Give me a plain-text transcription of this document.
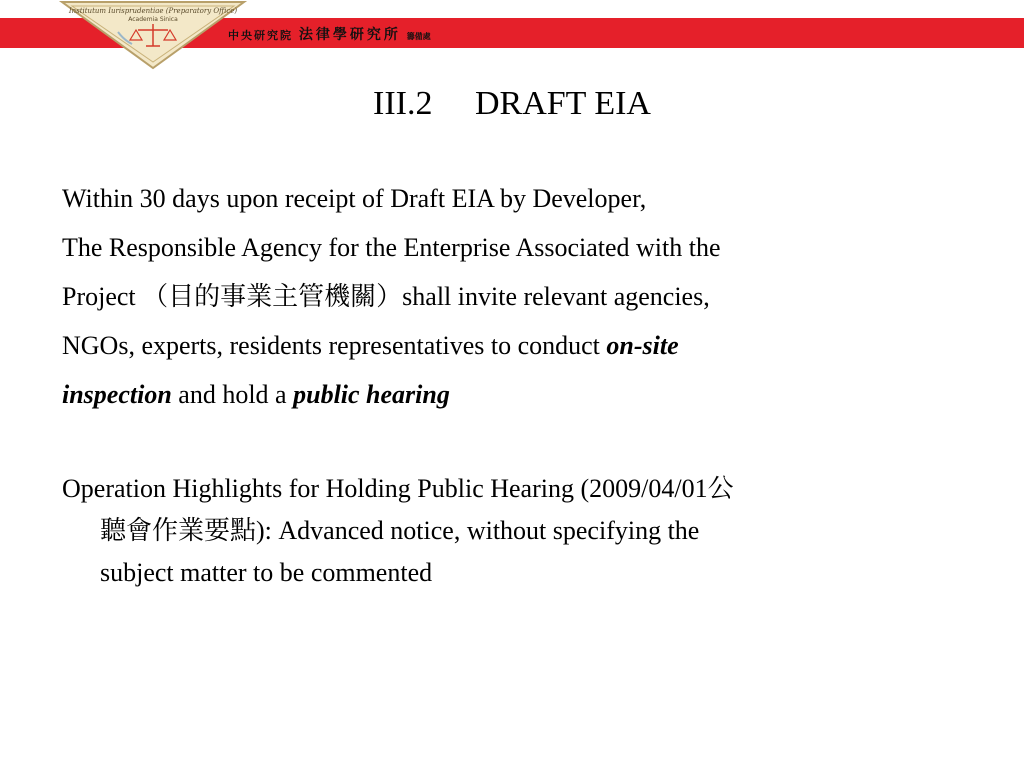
Institutum Iurisprudentiae (Preparatory Office)
Academia Sinica
中央研究院 法律學研究所 籌備處
III.2 DRAFT EIA
Within 30 days upon receipt of Draft EIA by Developer,
The Responsible Agency for the Enterprise Associated with the
Project （目的事業主管機關）shall invite relevant agencies,
NGOs, experts, residents representatives to conduct on-site
inspection and hold a public hearing
Operation Highlights for Holding Public Hearing (2009/04/01公
聽會作業要點): Advanced notice, without specifying the
subject matter to be commented
